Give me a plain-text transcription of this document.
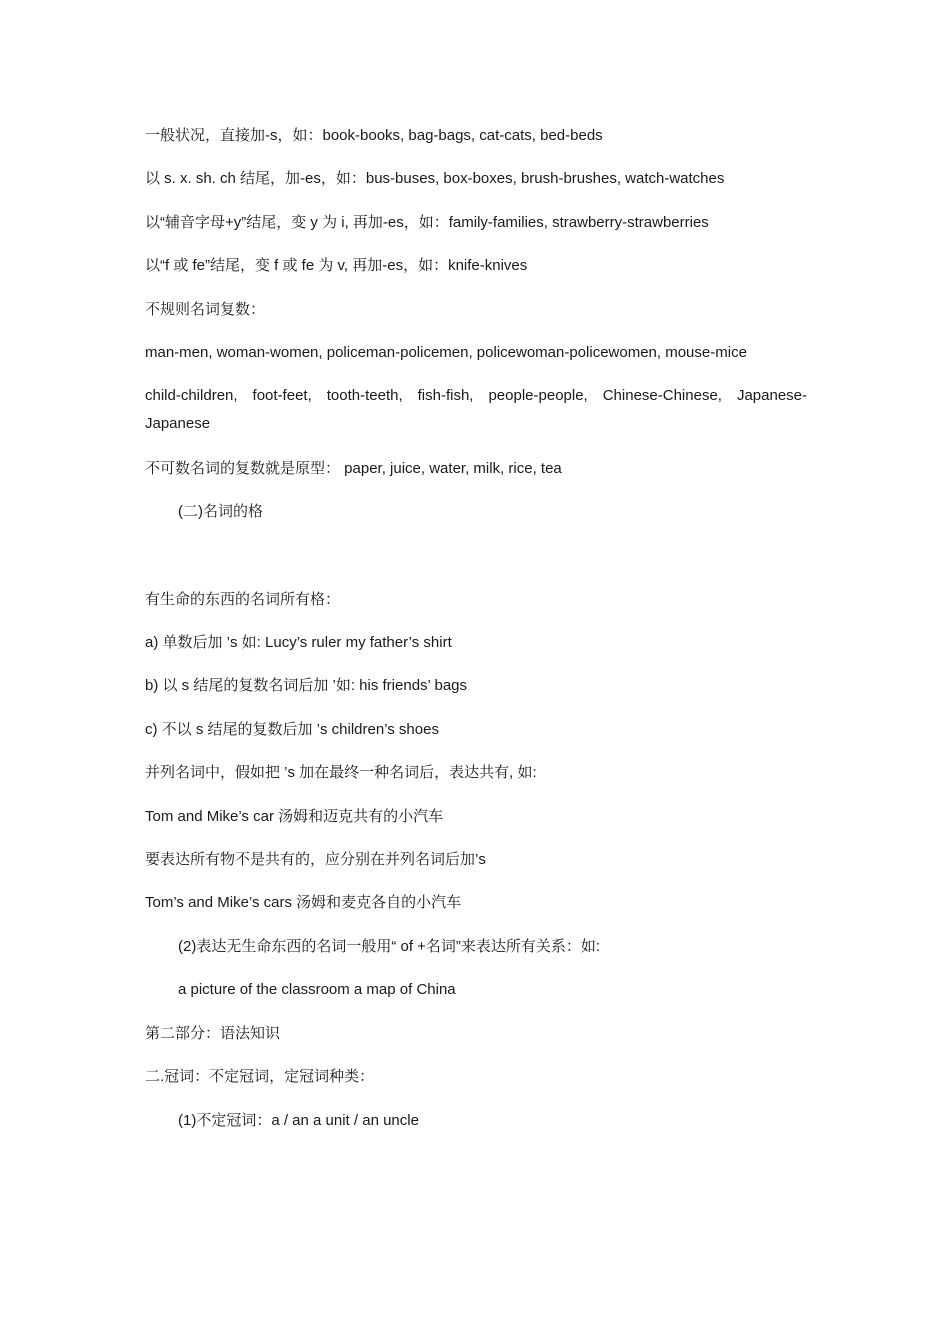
一般状况，直接加-s，如：book-books, bag-bags, cat-cats, bed-beds

以 s. x. sh. ch 结尾，加-es，如：bus-buses, box-boxes, brush-brushes, watch-watches

以“辅音字母+y”结尾，变 y 为 i, 再加-es，如：family-families, strawberry-strawberries

以“f 或 fe”结尾，变 f 或 fe 为 v, 再加-es，如：knife-knives

不规则名词复数：

man-men, woman-women, policeman-policemen, policewoman-policewomen, mouse-mice

child-children, foot-feet, tooth-teeth, fish-fish, people-people, Chinese-Chinese, Japanese-Japanese

不可数名词的复数就是原型： paper, juice, water, milk, rice, tea

(二)名词的格

有生命的东西的名词所有格：

a) 单数后加 ’s 如: Lucy’s ruler my father’s shirt

b) 以 s 结尾的复数名词后加 ’如: his friends’ bags

c) 不以 s 结尾的复数后加 ’s children’s shoes

并列名词中，假如把 ’s 加在最终一种名词后，表达共有, 如:

Tom and Mike’s car 汤姆和迈克共有的小汽车

要表达所有物不是共有的，应分别在并列名词后加’s

Tom’s and Mike’s cars 汤姆和麦克各自的小汽车

(2)表达无生命东西的名词一般用“ of +名词”来表达所有关系：如:

a picture of the classroom a map of China

第二部分：语法知识

二.冠词：不定冠词，定冠词种类：

(1)不定冠词：a / an a unit / an uncle
